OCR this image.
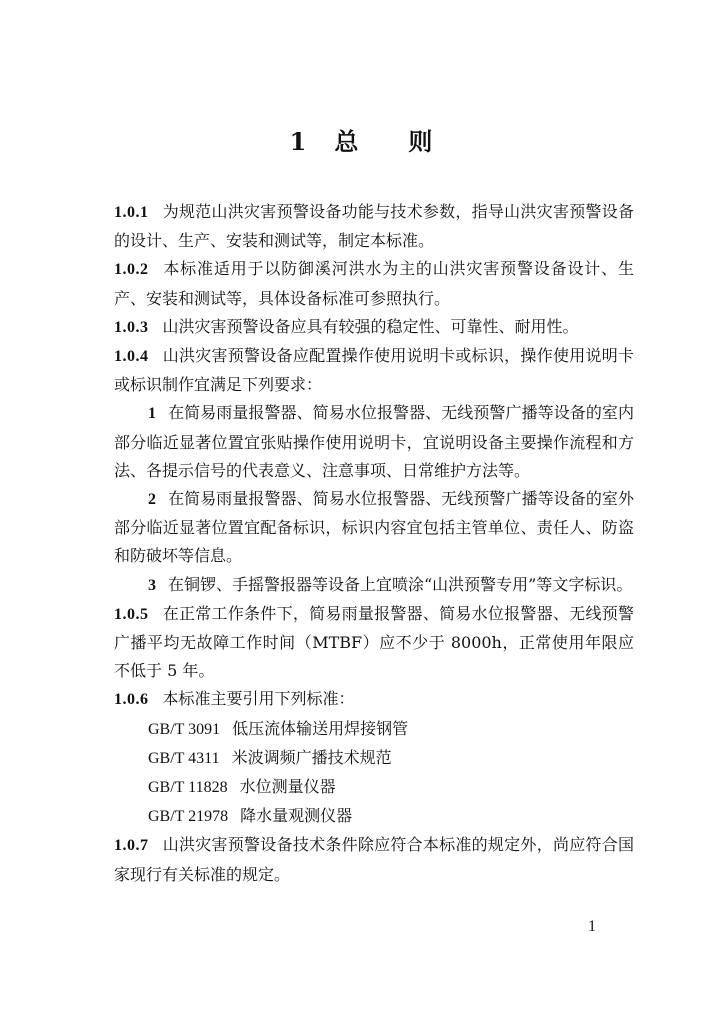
1 总 则

1.0.1 为规范山洪灾害预警设备功能与技术参数，指导山洪灾害预警设备的设计、生产、安装和测试等，制定本标准。

1.0.2 本标准适用于以防御溪河洪水为主的山洪灾害预警设备设计、生产、安装和测试等，具体设备标准可参照执行。

1.0.3 山洪灾害预警设备应具有较强的稳定性、可靠性、耐用性。

1.0.4 山洪灾害预警设备应配置操作使用说明卡或标识，操作使用说明卡或标识制作宜满足下列要求：

1 在简易雨量报警器、简易水位报警器、无线预警广播等设备的室内部分临近显著位置宜张贴操作使用说明卡，宜说明设备主要操作流程和方法、各提示信号的代表意义、注意事项、日常维护方法等。

2 在简易雨量报警器、简易水位报警器、无线预警广播等设备的室外部分临近显著位置宜配备标识，标识内容宜包括主管单位、责任人、防盗和防破坏等信息。

3 在铜锣、手摇警报器等设备上宜喷涂“山洪预警专用”等文字标识。

1.0.5 在正常工作条件下，简易雨量报警器、简易水位报警器、无线预警广播平均无故障工作时间（MTBF）应不少于 8000h，正常使用年限应不低于 5 年。

1.0.6 本标准主要引用下列标准：

GB/T 3091 低压流体输送用焊接钢管
GB/T 4311 米波调频广播技术规范
GB/T 11828 水位测量仪器
GB/T 21978 降水量观测仪器

1.0.7 山洪灾害预警设备技术条件除应符合本标准的规定外，尚应符合国家现行有关标准的规定。

1
